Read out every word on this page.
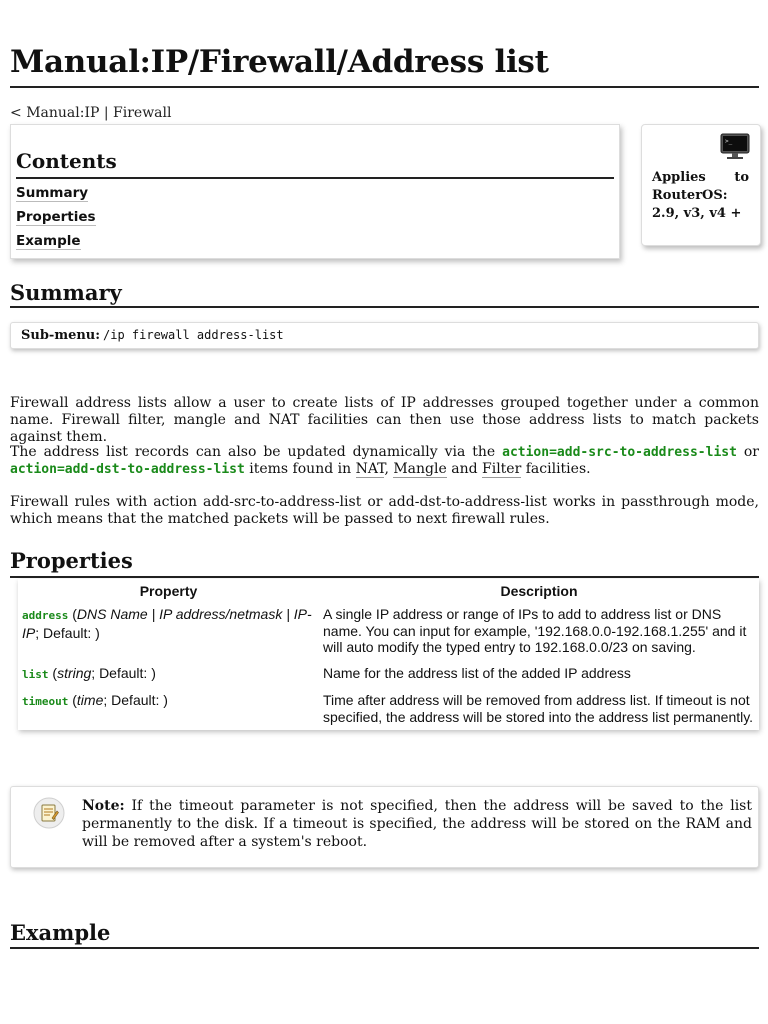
Manual:IP/Firewall/Address list
< Manual:IP | Firewall
Contents
Summary
Properties
Example
>_
Applies to
RouterOS:
2.9, v3, v4 +
Summary
Sub-menu: /ip firewall address-list

Firewall address lists allow a user to create lists of IP addresses grouped together under a common name. Firewall filter, mangle and NAT facilities can then use those address lists to match packets against them.

The address list records can also be updated dynamically via the action=add-src-to-address-list or action=add-dst-to-address-list items found in NAT, Mangle and Filter facilities.

Firewall rules with action add-src-to-address-list or add-dst-to-address-list works in passthrough mode, which means that the matched packets will be passed to next firewall rules.

Properties
Property	Description
address (DNS Name | IP address/netmask | IP-IP; Default: )	A single IP address or range of IPs to add to address list or DNS name. You can input for example, '192.168.0.0-192.168.1.255' and it will auto modify the typed entry to 192.168.0.0/23 on saving.
list (string; Default: )	Name for the address list of the added IP address
timeout (time; Default: )	Time after address will be removed from address list. If timeout is not specified, the address will be stored into the address list permanently.
Note: If the timeout parameter is not specified, then the address will be saved to the list permanently to the disk. If a timeout is specified, the address will be stored on the RAM and will be removed after a system's reboot.
Example
